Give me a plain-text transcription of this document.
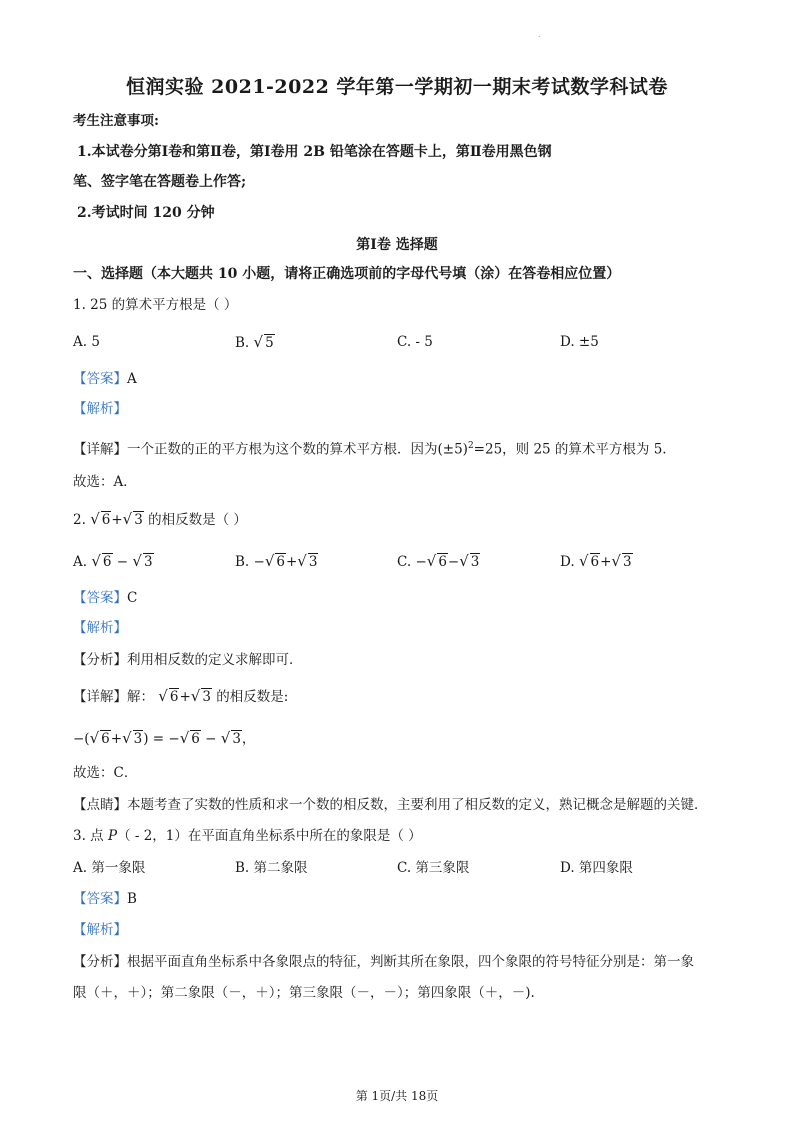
.
恒润实验 2021-2022 学年第一学期初一期末考试数学科试卷
考生注意事项:
1.本试卷分第Ⅰ卷和第Ⅱ卷，第Ⅰ卷用 2B 铅笔涂在答题卡上，第Ⅱ卷用黑色钢
笔、签字笔在答题卷上作答;
2.考试时间 120 分钟
第Ⅰ卷 选择题
一、选择题（本大题共 10 小题，请将正确选项前的字母代号填（涂）在答卷相应位置）
1. 25 的算术平方根是（ ）
A. 5	B. √ 5	C. - 5	D. ±5
【答案】A
【解析】
【详解】一个正数的正的平方根为这个数的算术平方根．因为$(\pm 5)^2=25$，则 25 的算术平方根为 5.
故选：A．
2. √ 6+√ 3 的相反数是（ ）
A. √ 6 − √ 3	B. −√ 6+√ 3	C. −√ 6−√ 3	D. √ 6+√ 3
【答案】C
【解析】
【分析】利用相反数的定义求解即可．
【详解】解： √ 6+√ 3 的相反数是:
−(√ 6+√ 3) = −√ 6 − √ 3，
故选：C．
【点睛】本题考查了实数的性质和求一个数的相反数，主要利用了相反数的定义，熟记概念是解题的关键．
3. 点 P（ - 2，1）在平面直角坐标系中所在的象限是（ ）
A. 第一象限	B. 第二象限	C. 第三象限	D. 第四象限
【答案】B
【解析】
【分析】根据平面直角坐标系中各象限点的特征，判断其所在象限，四个象限的符号特征分别是：第一象
限（＋，＋）；第二象限（－，＋）；第三象限（－，－）；第四象限（＋，－).
第 1页/共 18页
